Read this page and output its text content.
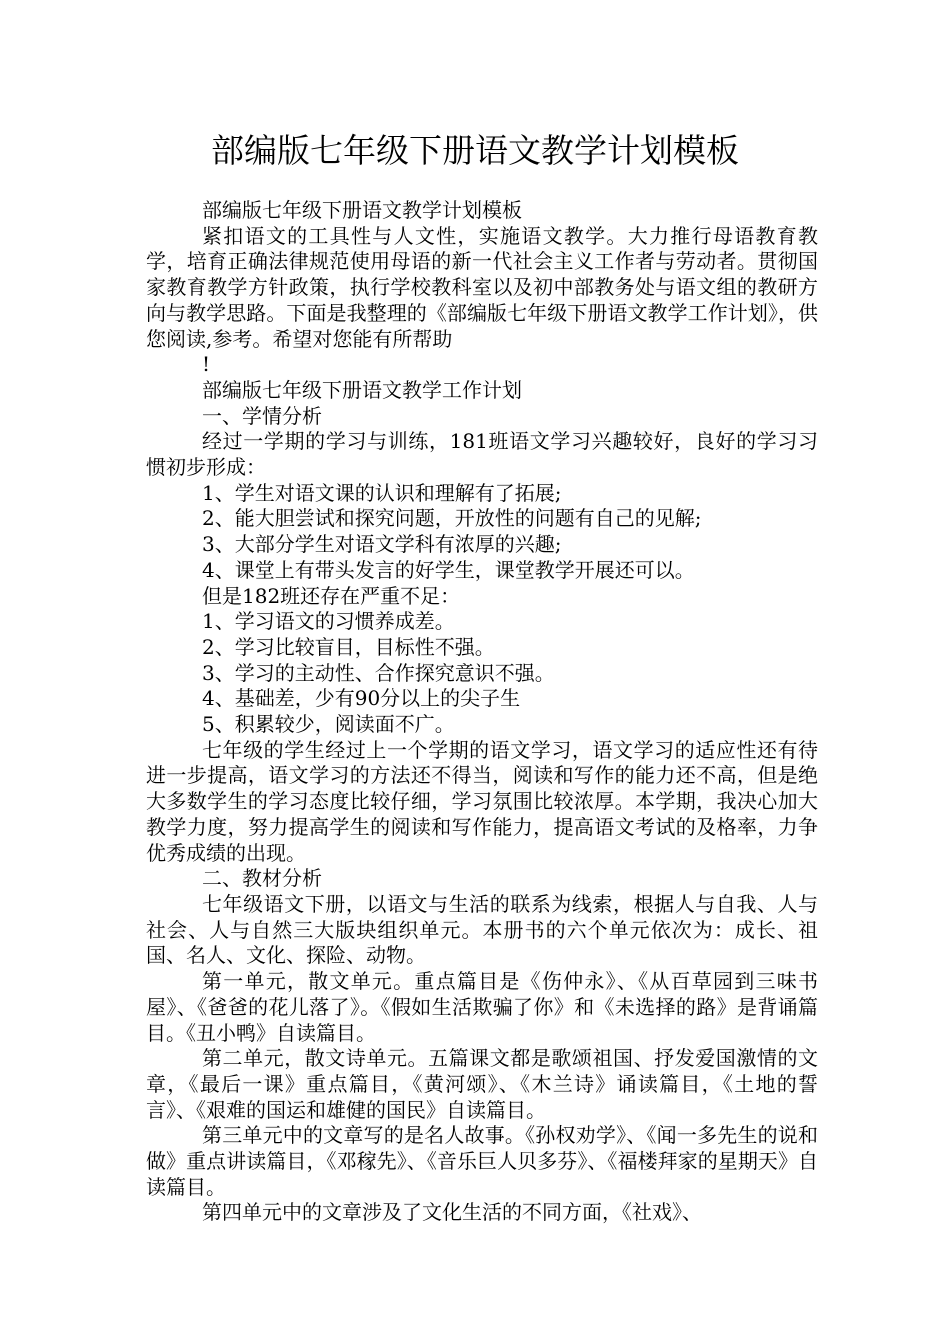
部编版七年级下册语文教学计划模板

部编版七年级下册语文教学计划模板

紧扣语文的工具性与人文性，实施语文教学。大力推行母语教育教学，培育正确法律规范使用母语的新一代社会主义工作者与劳动者。贯彻国家教育教学方针政策，执行学校教科室以及初中部教务处与语文组的教研方向与教学思路。下面是我整理的《部编版七年级下册语文教学工作计划》，供您阅读,参考。希望对您能有所帮助

!

部编版七年级下册语文教学工作计划

一、学情分析

经过一学期的学习与训练，181班语文学习兴趣较好，良好的学习习惯初步形成：

1、学生对语文课的认识和理解有了拓展;

2、能大胆尝试和探究问题，开放性的问题有自己的见解;

3、大部分学生对语文学科有浓厚的兴趣;

4、课堂上有带头发言的好学生，课堂教学开展还可以。

但是182班还存在严重不足：

1、学习语文的习惯养成差。

2、学习比较盲目，目标性不强。

3、学习的主动性、合作探究意识不强。

4、基础差，少有90分以上的尖子生

5、积累较少，阅读面不广。

七年级的学生经过上一个学期的语文学习，语文学习的适应性还有待进一步提高，语文学习的方法还不得当，阅读和写作的能力还不高，但是绝大多数学生的学习态度比较仔细，学习氛围比较浓厚。本学期，我决心加大教学力度，努力提高学生的阅读和写作能力，提高语文考试的及格率，力争优秀成绩的出现。

二、教材分析

七年级语文下册，以语文与生活的联系为线索，根据人与自我、人与社会、人与自然三大版块组织单元。本册书的六个单元依次为：成长、祖国、名人、文化、探险、动物。

第一单元，散文单元。重点篇目是《伤仲永》、《从百草园到三味书屋》、《爸爸的花儿落了》。《假如生活欺骗了你》和《未选择的路》是背诵篇目。《丑小鸭》自读篇目。

第二单元，散文诗单元。五篇课文都是歌颂祖国、抒发爱国激情的文章，《最后一课》重点篇目，《黄河颂》、《木兰诗》诵读篇目，《土地的誓言》、《艰难的国运和雄健的国民》自读篇目。

第三单元中的文章写的是名人故事。《孙权劝学》、《闻一多先生的说和做》重点讲读篇目，《邓稼先》、《音乐巨人贝多芬》、《福楼拜家的星期天》自读篇目。

第四单元中的文章涉及了文化生活的不同方面，《社戏》、
